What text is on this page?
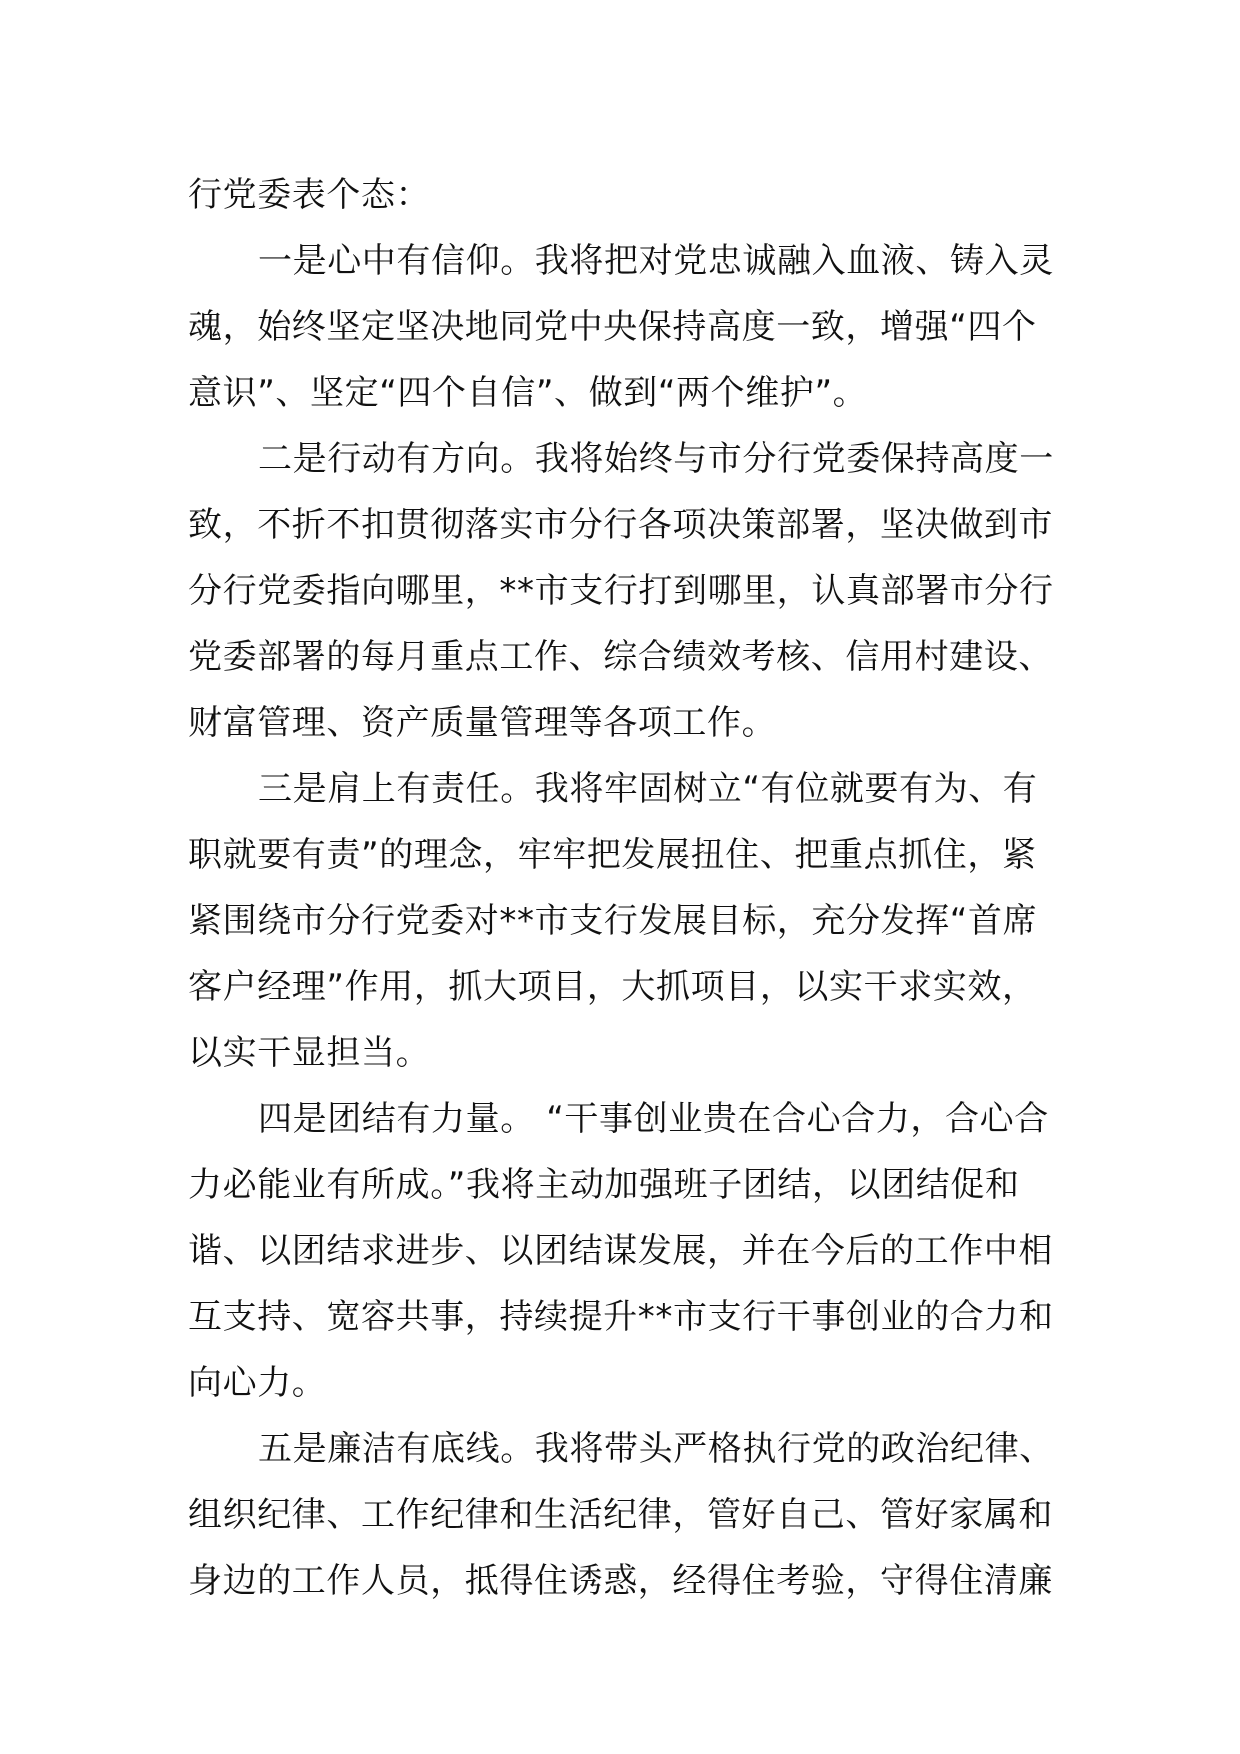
行党委表个态：
一是心中有信仰。我将把对党忠诚融入血液、铸入灵
魂，始终坚定坚决地同党中央保持高度一致，增强“四个
意识”、坚定“四个自信”、做到“两个维护”。
二是行动有方向。我将始终与市分行党委保持高度一
致，不折不扣贯彻落实市分行各项决策部署，坚决做到市
分行党委指向哪里，**市支行打到哪里，认真部署市分行
党委部署的每月重点工作、综合绩效考核、信用村建设、
财富管理、资产质量管理等各项工作。
三是肩上有责任。我将牢固树立“有位就要有为、有
职就要有责”的理念，牢牢把发展扭住、把重点抓住，紧
紧围绕市分行党委对**市支行发展目标，充分发挥“首席
客户经理”作用，抓大项目，大抓项目，以实干求实效，
以实干显担当。
四是团结有力量。 “干事创业贵在合心合力，合心合
力必能业有所成。”我将主动加强班子团结，以团结促和
谐、以团结求进步、以团结谋发展，并在今后的工作中相
互支持、宽容共事，持续提升**市支行干事创业的合力和
向心力。
五是廉洁有底线。我将带头严格执行党的政治纪律、
组织纪律、工作纪律和生活纪律，管好自己、管好家属和
身边的工作人员，抵得住诱惑，经得住考验，守得住清廉
